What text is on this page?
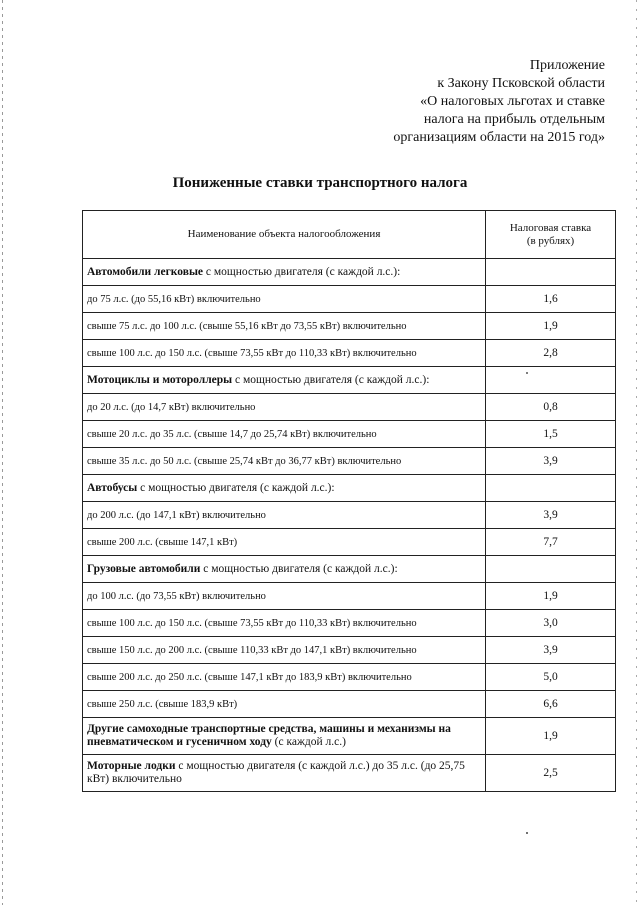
Приложение
к Закону Псковской области
«О налоговых льготах и ставке
налога на прибыль отдельным
организациям области на 2015 год»
Пониженные ставки транспортного налога
Наименование объекта налогообложения	Налоговая ставка
(в рублях)
Автомобили легковые с мощностью двигателя (с каждой л.с.):	
до 75 л.с. (до 55,16 кВт) включительно	1,6
свыше 75 л.с. до 100 л.с. (свыше 55,16 кВт до 73,55 кВт) включительно	1,9
свыше 100 л.с. до 150 л.с. (свыше 73,55 кВт до 110,33 кВт) включительно	2,8
Мотоциклы и мотороллеры с мощностью двигателя (с каждой л.с.):	
до 20 л.с. (до 14,7 кВт) включительно	0,8
свыше 20 л.с. до 35 л.с. (свыше 14,7 до 25,74 кВт) включительно	1,5
свыше 35 л.с. до 50 л.с. (свыше 25,74 кВт до 36,77 кВт) включительно	3,9
Автобусы с мощностью двигателя (с каждой л.с.):	
до 200 л.с. (до 147,1 кВт) включительно	3,9
свыше 200 л.с. (свыше 147,1 кВт)	7,7
Грузовые автомобили с мощностью двигателя (с каждой л.с.):	
до 100 л.с. (до 73,55 кВт) включительно	1,9
свыше 100 л.с. до 150 л.с. (свыше 73,55 кВт до 110,33 кВт) включительно	3,0
свыше 150 л.с. до 200 л.с. (свыше 110,33 кВт до 147,1 кВт) включительно	3,9
свыше 200 л.с. до 250 л.с. (свыше 147,1 кВт до 183,9 кВт) включительно	5,0
свыше 250 л.с. (свыше 183,9 кВт)	6,6
Другие самоходные транспортные средства, машины и механизмы на пневматическом и гусеничном ходу (с каждой л.с.)	1,9
Моторные лодки с мощностью двигателя (с каждой л.с.) до 35 л.с. (до 25,75 кВт) включительно	2,5
